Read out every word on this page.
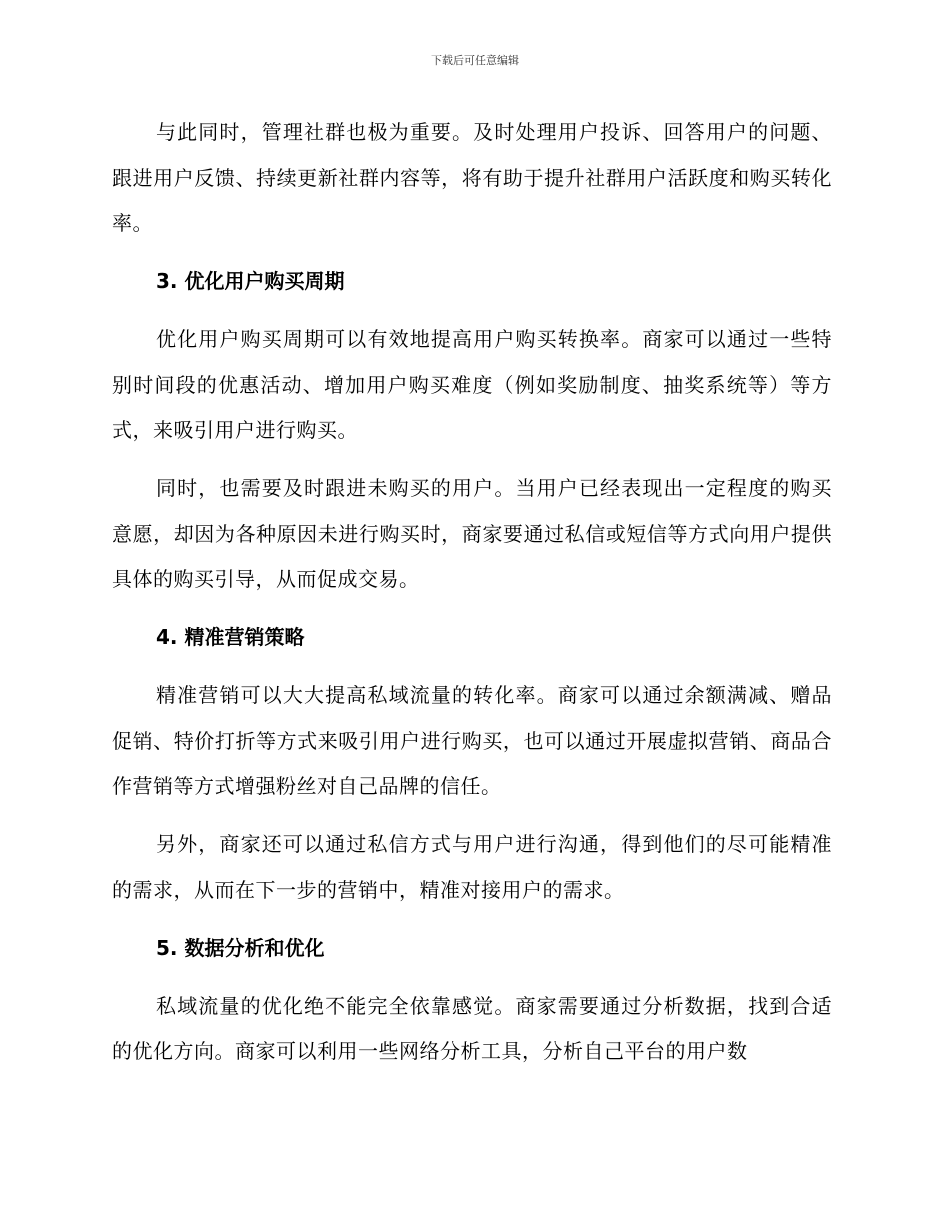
下载后可任意编辑

与此同时，管理社群也极为重要。及时处理用户投诉、回答用户的问题、跟进用户反馈、持续更新社群内容等，将有助于提升社群用户活跃度和购买转化率。

3. 优化用户购买周期

优化用户购买周期可以有效地提高用户购买转换率。商家可以通过一些特别时间段的优惠活动、增加用户购买难度（例如奖励制度、抽奖系统等）等方式，来吸引用户进行购买。

同时，也需要及时跟进未购买的用户。当用户已经表现出一定程度的购买意愿，却因为各种原因未进行购买时，商家要通过私信或短信等方式向用户提供具体的购买引导，从而促成交易。

4. 精准营销策略

精准营销可以大大提高私域流量的转化率。商家可以通过余额满减、赠品促销、特价打折等方式来吸引用户进行购买，也可以通过开展虚拟营销、商品合作营销等方式增强粉丝对自己品牌的信任。

另外，商家还可以通过私信方式与用户进行沟通，得到他们的尽可能精准的需求，从而在下一步的营销中，精准对接用户的需求。

5. 数据分析和优化

私域流量的优化绝不能完全依靠感觉。商家需要通过分析数据，找到合适的优化方向。商家可以利用一些网络分析工具，分析自己平台的用户数
